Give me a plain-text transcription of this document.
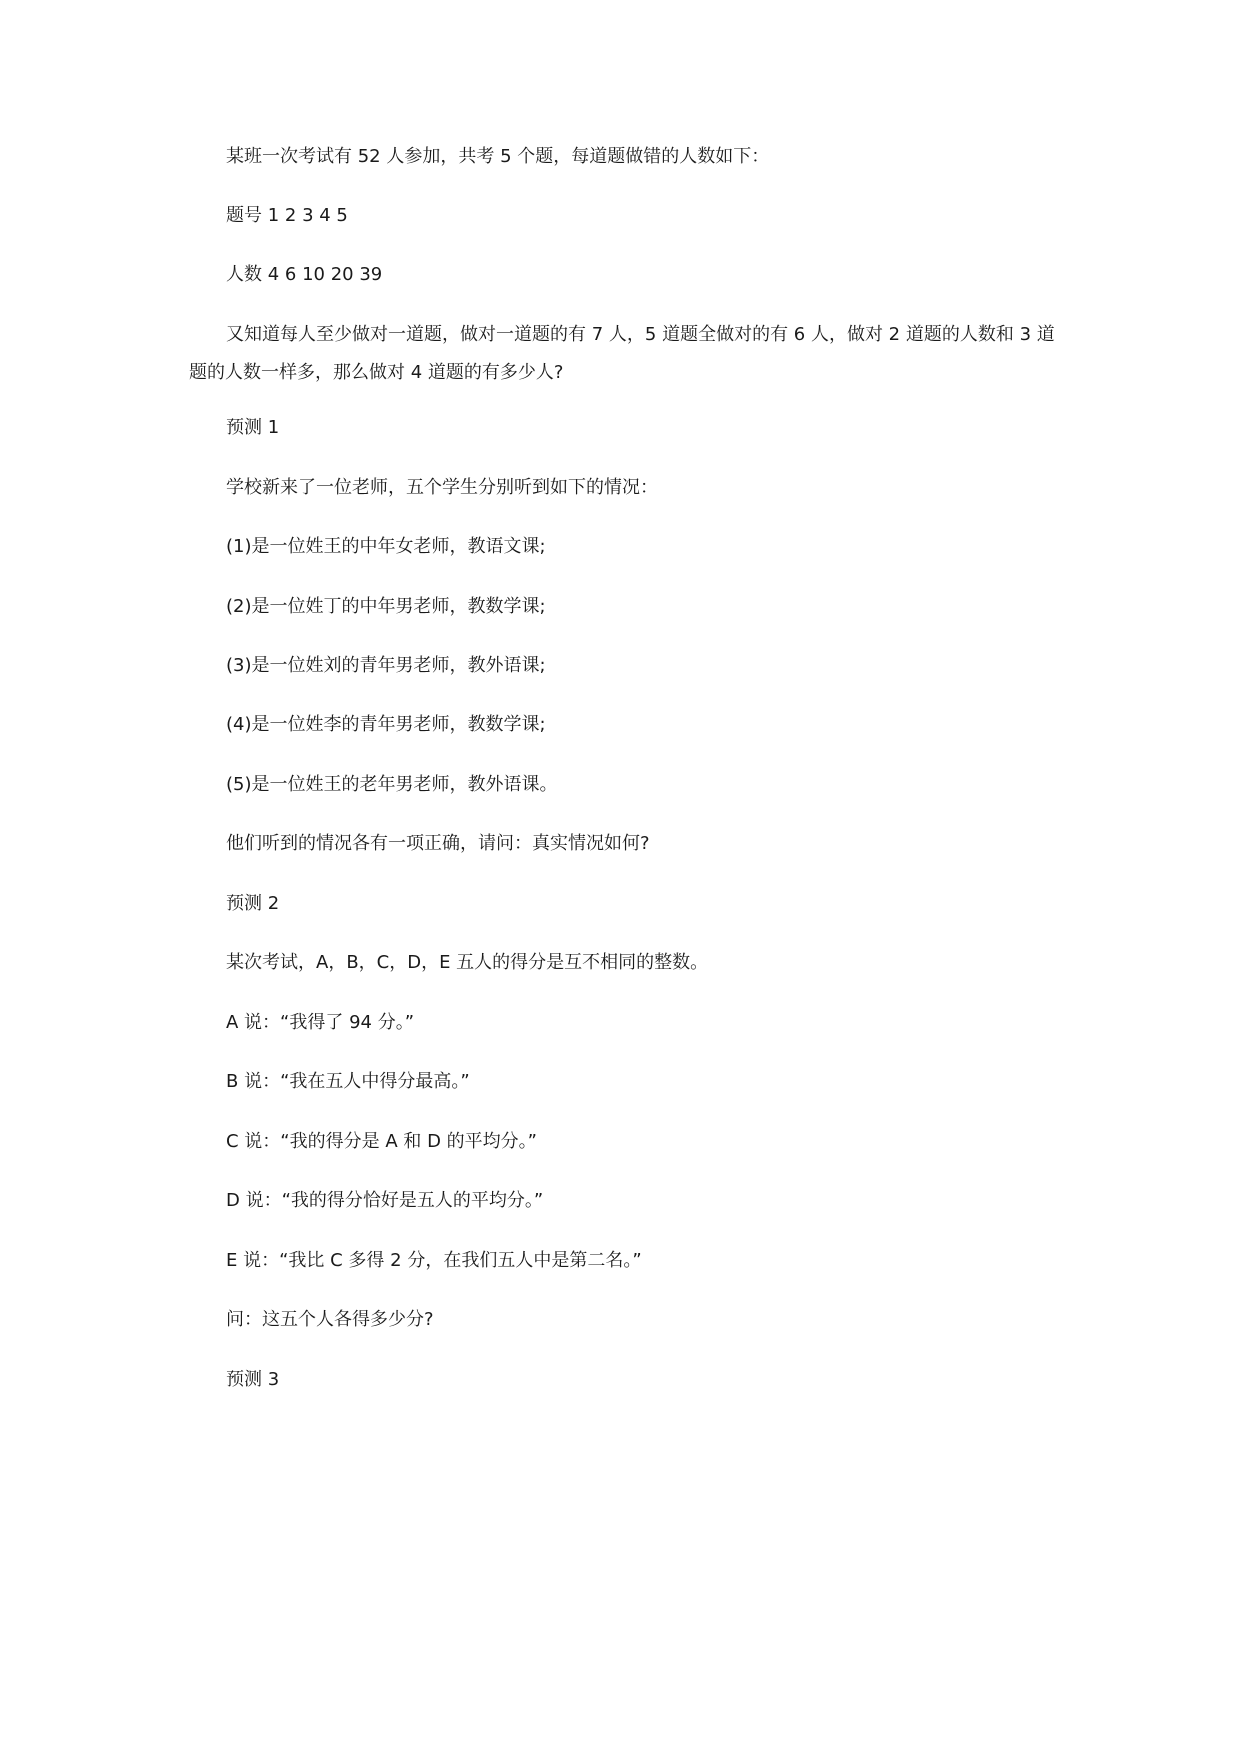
某班一次考试有 52 人参加，共考 5 个题，每道题做错的人数如下：

题号 1 2 3 4 5

人数 4 6 10 20 39

又知道每人至少做对一道题，做对一道题的有 7 人，5 道题全做对的有 6 人，做对 2 道题的人数和 3 道题的人数一样多，那么做对 4 道题的有多少人?

预测 1

学校新来了一位老师，五个学生分别听到如下的情况：

(1)是一位姓王的中年女老师，教语文课;

(2)是一位姓丁的中年男老师，教数学课;

(3)是一位姓刘的青年男老师，教外语课;

(4)是一位姓李的青年男老师，教数学课;

(5)是一位姓王的老年男老师，教外语课。

他们听到的情况各有一项正确，请问：真实情况如何?

预测 2

某次考试，A，B，C，D，E 五人的得分是互不相同的整数。

A 说：“我得了 94 分。”

B 说：“我在五人中得分最高。”

C 说：“我的得分是 A 和 D 的平均分。”

D 说：“我的得分恰好是五人的平均分。”

E 说：“我比 C 多得 2 分，在我们五人中是第二名。”

问：这五个人各得多少分?

预测 3
